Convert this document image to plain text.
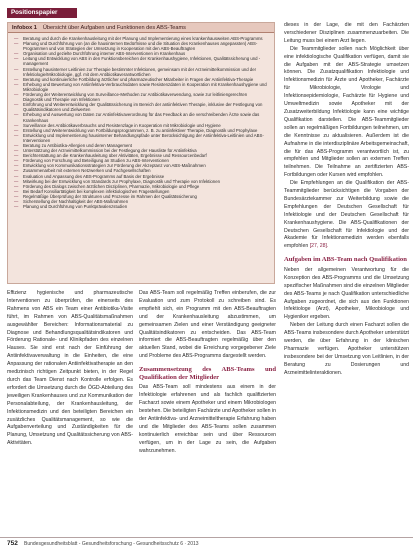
Positionspapier
Infobox 1 Übersicht über Aufgaben und Funktionen des ABS-Teams
— Beratung und durch die Krankenhausleitung mit der Planung und Implementierung eines krankenhausweiten ABS-Programms
— Planung und Durchführung von (an die hausinternen Bedürfnisse und die Situation des Krankenhauses angepassten) ABS-Programmen und von Strategien der Umsetzung in Kooperation mit den ABS-Beauftragten
— Organisation und gezielte Durchführung interner ABS-Interventionen im Krankenhaus
— Leitung und Entwicklung von ABS in den Funktionsbereichen der Krankenhaushygiene, Infektionen, Qualitätssicherung und -management
— Erstellung hausinterner Leitlinien zur Therapie bestimmter Infektionen, gemeinsam mit der Arzneimittelkommission und der Infektiologie/Mikrobiologie, ggf. mit dem Antibiotikaverantwortlichen
— Beratung und kontinuierliche Fortbildung ärztlicher und pharmazeutischer Mitarbeiter in Fragen der Antiinfektiva-Therapie
— Erhebung und Bewertung von Antiinfektiva-Verbrauchsdaten sowie Resistenzdaten in Kooperation mit Krankenhaushygiene und Mikrobiologie
— Förderung der Weiterentwicklung von Surveillance-Methoden zur Antibiotikaverwendung, sowie zur leitliniengerechten Diagnostik und Therapie von Infektionen
— Einführung und Weiterentwicklung der Qualitätssicherung im Bereich der antiinfektiven Therapie, inklusive der Festlegung von Qualitätsindikatoren und Zielwerten
— Erhebung und Auswertung von Daten zur Antiinfektivaverordnung für das Feedback an die verschreibenden Ärzte sowie das Krankenhaus
— Surveillance des Antibiotikaverbrauchs und Resistenzlage in Kooperation mit Mikrobiologie und Hygiene
— Erstellung und Weiterentwicklung von Fortbildungsprogrammen, z. B. zu antiinfektiver Therapie, Diagnostik und Prophylaxe
— Entwicklung und Implementierung hausinterner Behandlungspfade unter Berücksichtigung der Antiinfektiva-Leitlinien und ABS-Interventionen
— Beratung zu Antibiotika-Allergien und deren Management
— Unterstützung der Arzneimittelkommission bei der Festlegung der Hausliste für Antiinfektiva
— Berichterstattung an die Krankenhausleitung über Aktivitäten, Ergebnisse und Ressourcenbedarf
— Förderung von Forschung und Beteiligung an Studien zu ABS-Interventionen
— Entwicklung von Kommunikationsstrategien zur Förderung der Akzeptanz von ABS-Maßnahmen
— Zusammenarbeit mit externen Netzwerken und Fachgesellschaften
— Evaluation und Anpassung des ABS-Programms auf Basis der Ergebnisse
— Mitwirkung bei der Entwicklung von Standards zur Prophylaxe, Diagnostik und Therapie von Infektionen
— Förderung des Dialogs zwischen ärztlichen Disziplinen, Pharmazie, Mikrobiologie und Pflege
— Bei Bedarf Konsiliartätigkeit bei komplexen infektiologischen Fragestellungen
— Regelmäßige Überprüfung der Strukturen und Prozesse im Rahmen der Qualitätssicherung
— Sicherstellung der Nachhaltigkeit der ABS-Maßnahmen
— Planung und Durchführung von Punktprävalenzstudien

Effizienz hygienische und pharmazeutische Interventionen zu überprüfen, die einerseits des Rahmens von ABS ein Team einer Antibiotika-Visite führt, im Rahmen von ABS-Qualitätsmaßnahmen ausgewählter Bereichen: Informationsmaterial zu Diagnose und Behandlungsqualitätsindikatoren und Förderung Rationale- und Klinikpfaden des einzelnen Hauses. Sie sind erst nach der Einführung der Antiinfektivaverwaltung in die Einheiten, die eine Anpassung der rationalen Antiinfektivatherapie an den medizinisch richtigen Zeitpunkt bieten, in der Regel durch das Team Dienst nach Kontrolle erfolgen. Es erfordert die Umsetzung durch die ÖGD-Abteilung des jeweiligen Krankenhauses und zur Kommunikation der Personalabteilung, der Krankenhausleitung, der Infektionsmedizin und den beteiligten Bereichen ein zusätzliches Qualitätsmanagement, so wie die Aufgabenverteilung und Zuständigkeiten für die Planung, Umsetzung und Qualitätssicherung von ABS-Aktivitäten.

Das ABS-Team soll regelmäßig Treffen einberufen, die zur Evaluation und zum Protokoll zu schreiben sind. Es empfiehlt sich, ein Programm mit den ABS-Beauftragten und der Krankenhausleitung abzustimmen, um gemeinsamen Zielen und einer Verständigung geeigneter Qualitätsindikatoren zu entscheiden. Das ABS-Team informiert die ABS-Beauftragten regelmäßig über den aktuellen Stand, wobei die Erreichung vorgegebener Ziele und Probleme des ABS-Programms dargestellt werden.

Zusammensetzung des ABS-Teams und Qualifikation der Mitglieder

Das ABS-Team soll mindestens aus einem in der Infektiologie erfahrenen und als fachlich qualifizierten Facharzt sowie einem Apotheker und einem Mikrobiologen bestehen. Die beteiligten Fachärzte und Apotheker sollen in der Antiinfektiva- und Arzneimitteltherapie Erfahrung haben und die Mitglieder des ABS-Teams sollen zusammen kontinuierlich erreichbar sein und über Ressourcen verfügen, um in der Lage zu sein, die Aufgaben wahrzunehmen.

dieses in der Lage, die mit den Fachärzten verschiedener Disziplinen zusammenzuarbeiten. Die Leitung muss bei einem Arzt liegen.

Die Teammitglieder sollen nach Möglichkeit über eine infektiologische Qualifikation verfügen, damit sie die Aufgaben mit der ABS-Strategie umsetzen können. Die Zusatzqualifikation Infektiologie und Infektionsmedizin für Ärzte und Apotheker, Fachärzte für Mikrobiologie, Virologie und Infektionsepidemiologie, Fachärzte für Hygiene und Umweltmedizin sowie Apotheker mit der Zusatzweiterbildung Infektiologie kann eine wichtige Qualifikation darstellen. Die ABS-Teammitglieder sollen an regelmäßigen Fortbildungen teilnehmen, um die Kenntnisse zu aktualisieren. Außerdem ist die Aufnahme in die interdisziplinäre Arbeitsgemeinschaft, die für das ABS-Programm verantwortlich ist, zu empfehlen und Mitglieder sollen an externen Treffen teilnehmen. Die Teilnahme an zertifizierten ABS-Fortbildungen oder Kursen wird empfohlen.

Die Empfehlungen an die Qualifikation der ABS-Teammitglieder berücksichtigen die Vorgaben der Bundesärztekammer zur Weiterbildung sowie die Empfehlungen der Deutschen Gesellschaft für Infektiologie und der Deutschen Gesellschaft für Krankenhaushygiene. Die ABS-Qualifikationen der Deutschen Gesellschaft für Infektiologie und der Akademie für Infektionsmedizin werden ebenfalls empfohlen [27, 28].

Aufgaben im ABS-Team nach Qualifikation

Neben der allgemeinen Verantwortung für die Konzeption des ABS-Programms und die Umsetzung spezifischer Maßnahmen sind die einzelnen Mitglieder des ABS-Teams je nach Qualifikation unterschiedliche Aufgaben zugeordnet, die sich aus den Funktionen Infektiologe (Arzt), Apotheker, Mikrobiologe und Hygieniker ergeben.

Neben der Leitung durch einen Facharzt sollen die ABS-Teams insbesondere durch Apotheker unterstützt werden, die über Erfahrung in der klinischen Pharmazie verfügen. Apotheker unterstützen insbesondere bei der Umsetzung von Leitlinien, in der Beratung zu Dosierungen und Arzneimittelinteraktionen.

752 Bundesgesundheitsblatt - Gesundheitsforschung - Gesundheitsschutz 6 · 2013
